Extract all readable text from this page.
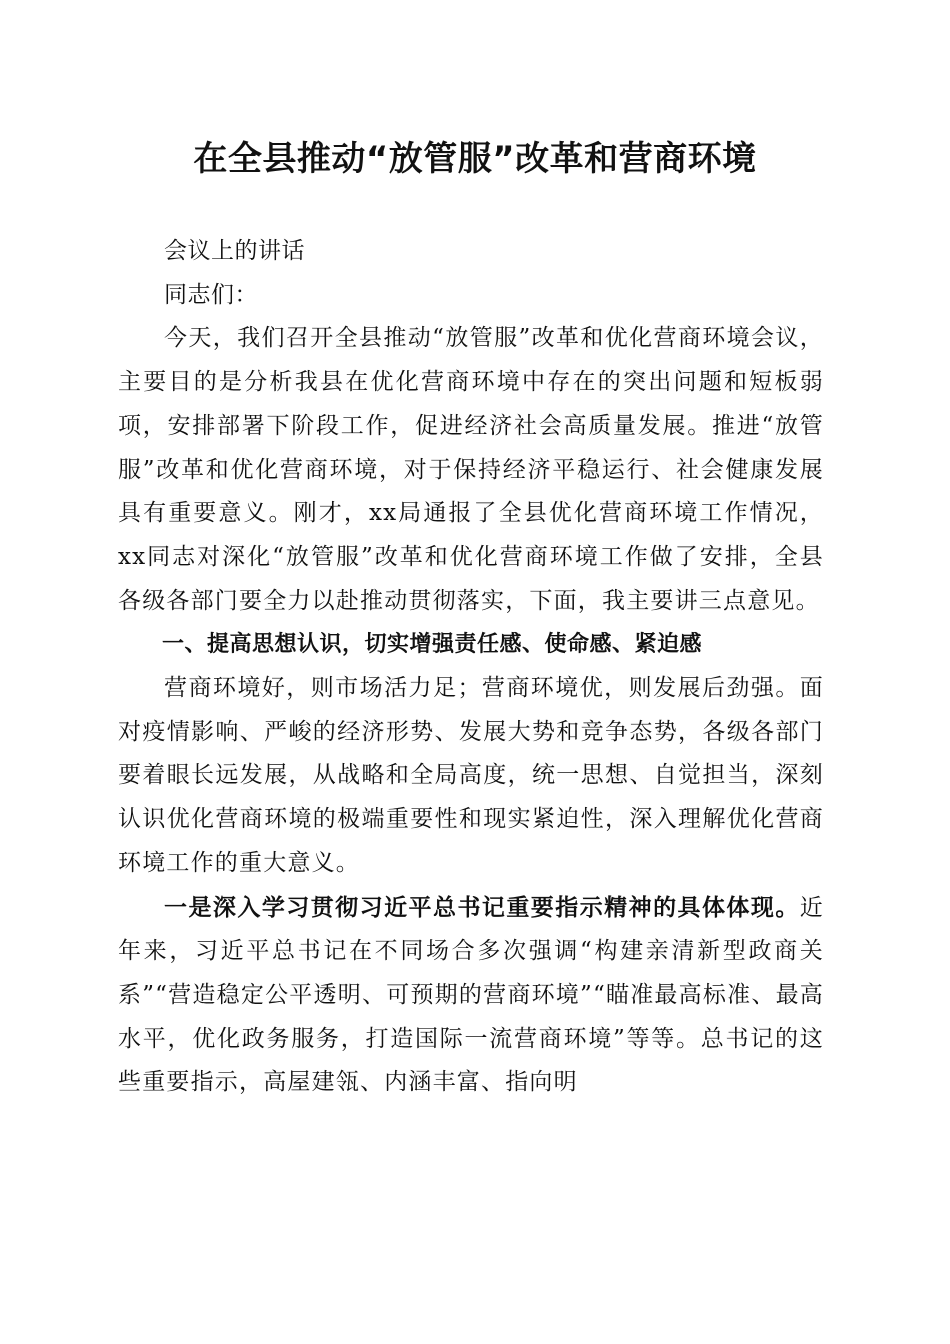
在全县推动“放管服”改革和营商环境

会议上的讲话

同志们：

今天，我们召开全县推动“放管服”改革和优化营商环境会议，主要目的是分析我县在优化营商环境中存在的突出问题和短板弱项，安排部署下阶段工作，促进经济社会高质量发展。推进“放管服”改革和优化营商环境，对于保持经济平稳运行、社会健康发展具有重要意义。刚才，xx局通报了全县优化营商环境工作情况，xx同志对深化“放管服”改革和优化营商环境工作做了安排，全县各级各部门要全力以赴推动贯彻落实，下面，我主要讲三点意见。

一、提高思想认识，切实增强责任感、使命感、紧迫感

营商环境好，则市场活力足；营商环境优，则发展后劲强。面对疫情影响、严峻的经济形势、发展大势和竞争态势，各级各部门要着眼长远发展，从战略和全局高度，统一思想、自觉担当，深刻认识优化营商环境的极端重要性和现实紧迫性，深入理解优化营商环境工作的重大意义。

一是深入学习贯彻习近平总书记重要指示精神的具体体现。近年来，习近平总书记在不同场合多次强调“构建亲清新型政商关系”“营造稳定公平透明、可预期的营商环境”“瞄准最高标准、最高水平，优化政务服务，打造国际一流营商环境”等等。总书记的这些重要指示，高屋建瓴、内涵丰富、指向明
